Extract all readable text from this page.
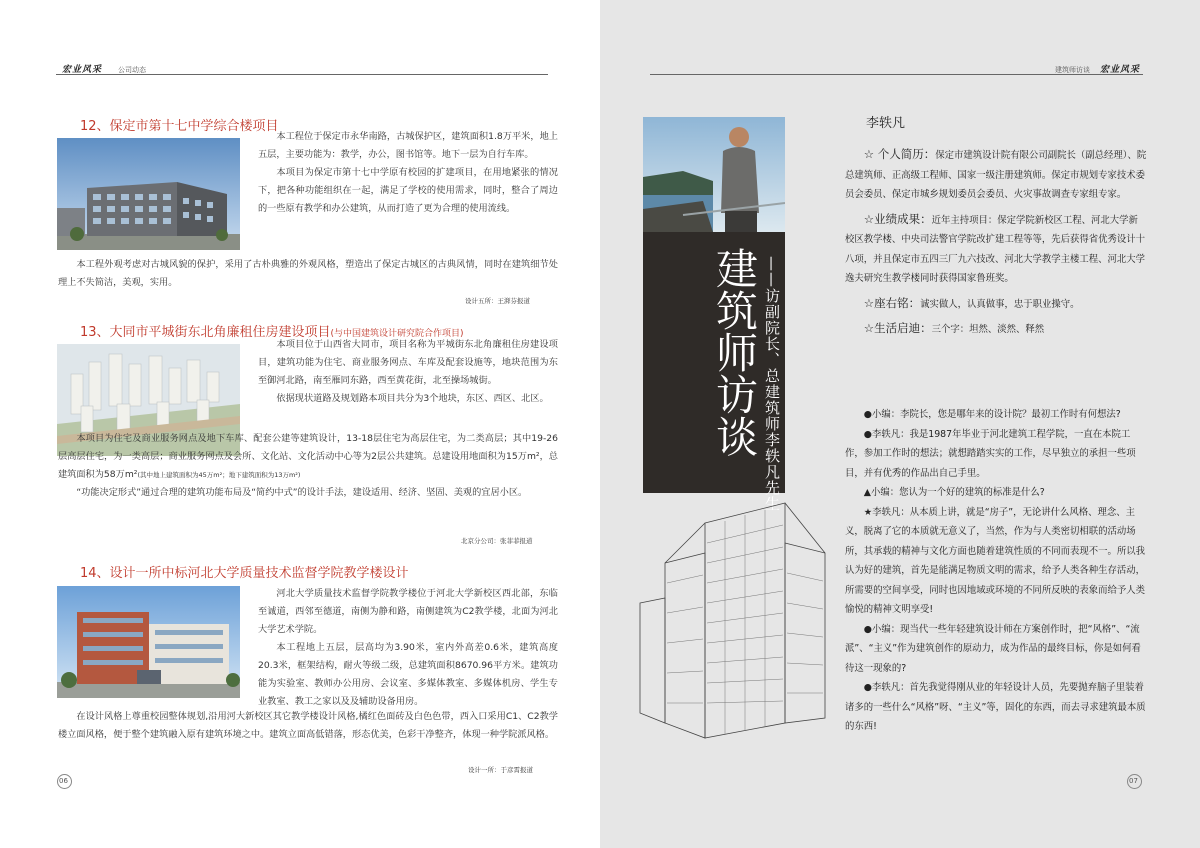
宏业风采 公司动态
12、保定市第十七中学综合楼项目

本工程位于保定市永华南路，古城保护区，建筑面积1.8万平米，地上五层，主要功能为：教学，办公，图书馆等。地下一层为自行车库。

本项目为保定市第十七中学原有校园的扩建项目，在用地紧张的情况下，把各种功能组织在一起，满足了学校的使用需求，同时，整合了周边的一些原有教学和办公建筑，从而打造了更为合理的使用流线。

本工程外观考虑对古城风貌的保护，采用了古朴典雅的外观风格，塑造出了保定古城区的古典风情，同时在建筑细节处理上不失简洁，美观，实用。

设计五所：王湃芬报道
13、大同市平城街东北角廉租住房建设项目(与中国建筑设计研究院合作项目)

本项目位于山西省大同市，项目名称为平城街东北角廉租住房建设项目，建筑功能为住宅、商业服务网点、车库及配套设施等，地块范围为东至御河北路，南至雁同东路，西至黄花街，北至操场城街。

依据现状道路及规划路本项目共分为3个地块，东区、西区、北区。

本项目为住宅及商业服务网点及地下车库、配套公建等建筑设计，13-18层住宅为高层住宅，为二类高层；其中19-26层高层住宅，为一类高层；商业服务网点及会所、文化站、文化活动中心等为2层公共建筑。总建设用地面积为15万m²，总建筑面积为58万m²(其中地上建筑面积为45万m²；地下建筑面积为13万m²)

“功能决定形式”通过合理的建筑功能布局及“简约中式”的设计手法，建设适用、经济、坚固、美观的宜居小区。

北京分公司：张菲菲报道
14、设计一所中标河北大学质量技术监督学院教学楼设计

河北大学质量技术监督学院教学楼位于河北大学新校区西北部，东临至诚道，西邻至德道，南侧为静和路，南侧建筑为C2教学楼，北面为河北大学艺术学院。

本工程地上五层，层高均为3.90米，室内外高差0.6米，建筑高度20.3米，框架结构，耐火等级二级，总建筑面积8670.96平方米。建筑功能为实验室、教师办公用房、会议室、多媒体教室、多媒体机房、学生专业教室、教工之家以及及辅助设备用房。

在设计风格上尊重校园整体规划,沿用河大新校区其它教学楼设计风格,橘红色面砖及白色色带，西入口采用C1、C2教学楼立面风格，便于整个建筑融入原有建筑环境之中。建筑立面高低错落，形态优美，色彩干净整齐，体现一种学院派风格。

设计一所：于彦霄报道
06
建筑师访谈 宏业风采
建筑师访谈 ——访副院长、总建筑师李轶凡先生
李轶凡

☆ 个人简历：保定市建筑设计院有限公司副院长（副总经理）、院总建筑师、正高级工程师、国家一级注册建筑师。保定市规划专家技术委员会委员、保定市城乡规划委员会委员、火灾事故调查专家组专家。

☆业绩成果：近年主持项目：保定学院新校区工程、河北大学新校区教学楼、中央司法警官学院改扩建工程等等，先后获得省优秀设计十八项，并且保定市五四三厂九六技改、河北大学教学主楼工程、河北大学逸夫研究生教学楼同时获得国家鲁班奖。

☆座右铭：诚实做人，认真做事，忠于职业操守。

☆生活启迪：三个字：坦然、淡然、释然

●小编：李院长，您是哪年来的设计院？最初工作时有何想法?

●李轶凡：我是1987年毕业于河北建筑工程学院，一直在本院工作，参加工作时的想法；就想踏踏实实的工作，尽早独立的承担一些项目，并有优秀的作品出自己手里。

▲小编：您认为一个好的建筑的标准是什么?

★李轶凡：从本质上讲，就是“房子”，无论讲什么风格、理念、主义，脱离了它的本质就无意义了，当然，作为与人类密切相联的活动场所，其承载的精神与文化方面也随着建筑性质的不同而表现不一。所以我认为好的建筑，首先是能满足物质文明的需求，给予人类各种生存活动，所需要的空间享受，同时也因地域或环境的不同所反映的表象而给予人类愉悦的精神文明享受!

●小编：现当代一些年轻建筑设计师在方案创作时，把“风格”、“流派”、“主义”作为建筑创作的原动力，成为作品的最终目标，你是如何看待这一现象的?

●李轶凡：首先我觉得刚从业的年轻设计人员，先要抛弃脑子里装着诸多的一些什么“风格”呀、“主义”等，固化的东西，而去寻求建筑最本质的东西!

07
